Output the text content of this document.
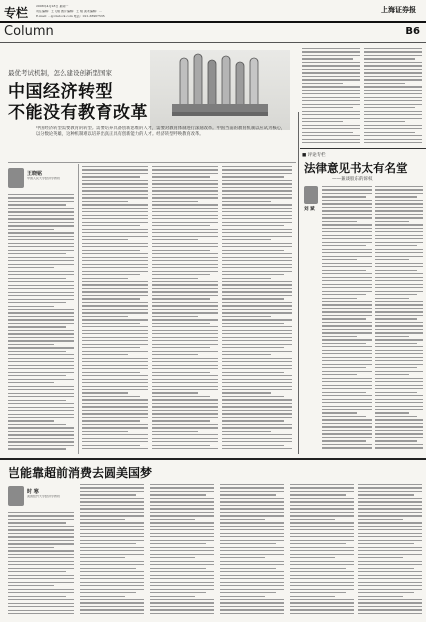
专栏	2008年4月28日 星期一
责任编辑：王飞翔 图片编辑：王 翔 美术编辑：…
E-mail: …@cnstock.com 电话：021-38967535
上海证券报
Column	B6
最优考试机制，怎么建设创新型国家
中国经济转型
不能没有教育改革
中国经济转型需要教育的转型。需要培养具备创新思维的人才，需要对教育体制进行深刻改革。中国当前的教育机制以应试为核心，以分数论英雄，这种机制难以培养出真正具有创新能力的人才。经济转型呼唤教育改革。
王晓铭
中国人民大学经济学教授
■ 评论专栏
法律意见书太有名堂
——兼谈股东的诉权
刘 斌
岂能靠超前消费去圆美国梦
时 寒
美国纽约大学经济学教授
